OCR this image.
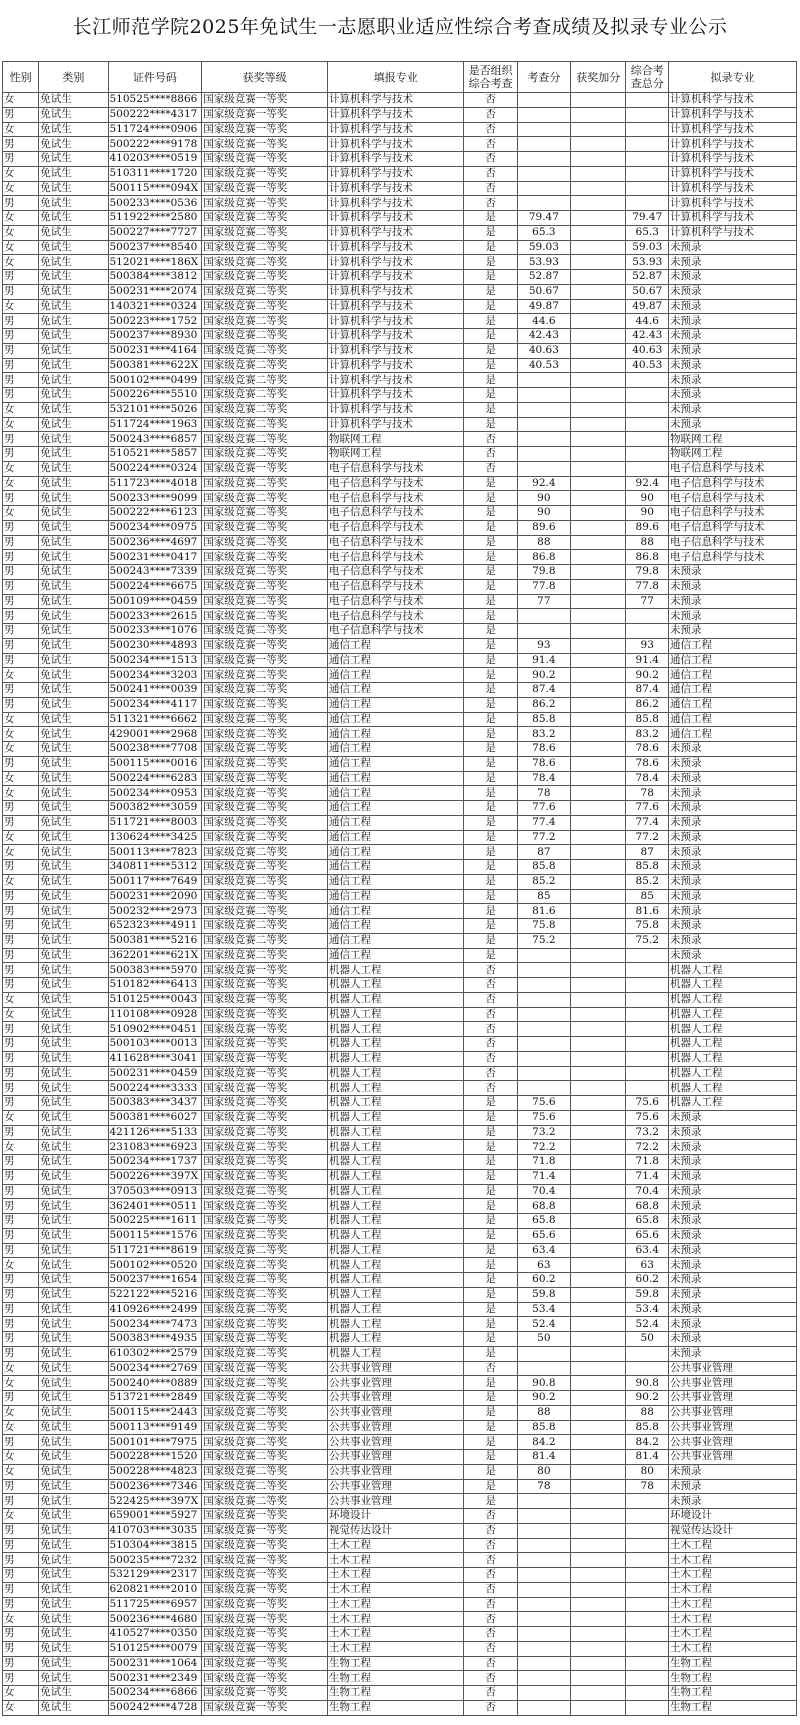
长江师范学院2025年免试生一志愿职业适应性综合考查成绩及拟录专业公示
性别	类别	证件号码	获奖等级	填报专业	是否组织综合考查	考查分	获奖加分	综合考查总分	拟录专业
女	免试生	510525****8866	国家级竞赛一等奖	计算机科学与技术	否				计算机科学与技术
男	免试生	500222****4317	国家级竞赛一等奖	计算机科学与技术	否				计算机科学与技术
女	免试生	511724****0906	国家级竞赛一等奖	计算机科学与技术	否				计算机科学与技术
男	免试生	500222****9178	国家级竞赛一等奖	计算机科学与技术	否				计算机科学与技术
男	免试生	410203****0519	国家级竞赛一等奖	计算机科学与技术	否				计算机科学与技术
女	免试生	510311****1720	国家级竞赛一等奖	计算机科学与技术	否				计算机科学与技术
女	免试生	500115****094X	国家级竞赛一等奖	计算机科学与技术	否				计算机科学与技术
男	免试生	500233****0536	国家级竞赛一等奖	计算机科学与技术	否				计算机科学与技术
女	免试生	511922****2580	国家级竞赛二等奖	计算机科学与技术	是	79.47		79.47	计算机科学与技术
女	免试生	500227****7727	国家级竞赛二等奖	计算机科学与技术	是	65.3		65.3	计算机科学与技术
女	免试生	500237****8540	国家级竞赛二等奖	计算机科学与技术	是	59.03		59.03	未预录
女	免试生	512021****186X	国家级竞赛二等奖	计算机科学与技术	是	53.93		53.93	未预录
男	免试生	500384****3812	国家级竞赛二等奖	计算机科学与技术	是	52.87		52.87	未预录
男	免试生	500231****2074	国家级竞赛二等奖	计算机科学与技术	是	50.67		50.67	未预录
女	免试生	140321****0324	国家级竞赛二等奖	计算机科学与技术	是	49.87		49.87	未预录
男	免试生	500223****1752	国家级竞赛二等奖	计算机科学与技术	是	44.6		44.6	未预录
男	免试生	500237****8930	国家级竞赛二等奖	计算机科学与技术	是	42.43		42.43	未预录
男	免试生	500231****4164	国家级竞赛二等奖	计算机科学与技术	是	40.63		40.63	未预录
男	免试生	500381****622X	国家级竞赛二等奖	计算机科学与技术	是	40.53		40.53	未预录
男	免试生	500102****0499	国家级竞赛二等奖	计算机科学与技术	是				未预录
男	免试生	500226****5510	国家级竞赛二等奖	计算机科学与技术	是				未预录
女	免试生	532101****5026	国家级竞赛二等奖	计算机科学与技术	是				未预录
女	免试生	511724****1963	国家级竞赛二等奖	计算机科学与技术	是				未预录
男	免试生	500243****6857	国家级竞赛二等奖	物联网工程	否				物联网工程
男	免试生	510521****5857	国家级竞赛二等奖	物联网工程	否				物联网工程
女	免试生	500224****0324	国家级竞赛一等奖	电子信息科学与技术	否				电子信息科学与技术
女	免试生	511723****4018	国家级竞赛二等奖	电子信息科学与技术	是	92.4		92.4	电子信息科学与技术
男	免试生	500233****9099	国家级竞赛二等奖	电子信息科学与技术	是	90		90	电子信息科学与技术
女	免试生	500222****6123	国家级竞赛二等奖	电子信息科学与技术	是	90		90	电子信息科学与技术
男	免试生	500234****0975	国家级竞赛二等奖	电子信息科学与技术	是	89.6		89.6	电子信息科学与技术
男	免试生	500236****4697	国家级竞赛二等奖	电子信息科学与技术	是	88		88	电子信息科学与技术
男	免试生	500231****0417	国家级竞赛二等奖	电子信息科学与技术	是	86.8		86.8	电子信息科学与技术
男	免试生	500243****7339	国家级竞赛二等奖	电子信息科学与技术	是	79.8		79.8	未预录
男	免试生	500224****6675	国家级竞赛二等奖	电子信息科学与技术	是	77.8		77.8	未预录
男	免试生	500109****0459	国家级竞赛二等奖	电子信息科学与技术	是	77		77	未预录
男	免试生	500233****2615	国家级竞赛二等奖	电子信息科学与技术	是				未预录
男	免试生	500233****1076	国家级竞赛二等奖	电子信息科学与技术	是				未预录
男	免试生	500230****4893	国家级竞赛一等奖	通信工程	是	93		93	通信工程
男	免试生	500234****1513	国家级竞赛一等奖	通信工程	是	91.4		91.4	通信工程
女	免试生	500234****3203	国家级竞赛二等奖	通信工程	是	90.2		90.2	通信工程
男	免试生	500241****0039	国家级竞赛二等奖	通信工程	是	87.4		87.4	通信工程
男	免试生	500234****4117	国家级竞赛二等奖	通信工程	是	86.2		86.2	通信工程
女	免试生	511321****6662	国家级竞赛二等奖	通信工程	是	85.8		85.8	通信工程
女	免试生	429001****2968	国家级竞赛二等奖	通信工程	是	83.2		83.2	通信工程
女	免试生	500238****7708	国家级竞赛二等奖	通信工程	是	78.6		78.6	未预录
男	免试生	500115****0016	国家级竞赛二等奖	通信工程	是	78.6		78.6	未预录
女	免试生	500224****6283	国家级竞赛二等奖	通信工程	是	78.4		78.4	未预录
女	免试生	500234****0953	国家级竞赛一等奖	通信工程	是	78		78	未预录
男	免试生	500382****3059	国家级竞赛二等奖	通信工程	是	77.6		77.6	未预录
男	免试生	511721****8003	国家级竞赛二等奖	通信工程	是	77.4		77.4	未预录
女	免试生	130624****3425	国家级竞赛二等奖	通信工程	是	77.2		77.2	未预录
女	免试生	500113****7823	国家级竞赛二等奖	通信工程	是	87		87	未预录
男	免试生	340811****5312	国家级竞赛二等奖	通信工程	是	85.8		85.8	未预录
女	免试生	500117****7649	国家级竞赛二等奖	通信工程	是	85.2		85.2	未预录
男	免试生	500231****2090	国家级竞赛二等奖	通信工程	是	85		85	未预录
男	免试生	500232****2973	国家级竞赛二等奖	通信工程	是	81.6		81.6	未预录
男	免试生	652323****4911	国家级竞赛二等奖	通信工程	是	75.8		75.8	未预录
男	免试生	500381****5216	国家级竞赛二等奖	通信工程	是	75.2		75.2	未预录
男	免试生	362201****621X	国家级竞赛二等奖	通信工程	是				未预录
男	免试生	500383****5970	国家级竞赛一等奖	机器人工程	否				机器人工程
男	免试生	510182****6413	国家级竞赛一等奖	机器人工程	否				机器人工程
女	免试生	510125****0043	国家级竞赛一等奖	机器人工程	否				机器人工程
女	免试生	110108****0928	国家级竞赛一等奖	机器人工程	否				机器人工程
男	免试生	510902****0451	国家级竞赛一等奖	机器人工程	否				机器人工程
男	免试生	500103****0013	国家级竞赛一等奖	机器人工程	否				机器人工程
男	免试生	411628****3041	国家级竞赛一等奖	机器人工程	否				机器人工程
男	免试生	500231****0459	国家级竞赛一等奖	机器人工程	否				机器人工程
男	免试生	500224****3333	国家级竞赛一等奖	机器人工程	否				机器人工程
男	免试生	500383****3437	国家级竞赛二等奖	机器人工程	是	75.6		75.6	机器人工程
女	免试生	500381****6027	国家级竞赛二等奖	机器人工程	是	75.6		75.6	未预录
男	免试生	421126****5133	国家级竞赛二等奖	机器人工程	是	73.2		73.2	未预录
女	免试生	231083****6923	国家级竞赛二等奖	机器人工程	是	72.2		72.2	未预录
男	免试生	500234****1737	国家级竞赛二等奖	机器人工程	是	71.8		71.8	未预录
男	免试生	500226****397X	国家级竞赛二等奖	机器人工程	是	71.4		71.4	未预录
男	免试生	370503****0913	国家级竞赛二等奖	机器人工程	是	70.4		70.4	未预录
男	免试生	362401****0511	国家级竞赛二等奖	机器人工程	是	68.8		68.8	未预录
男	免试生	500225****1611	国家级竞赛二等奖	机器人工程	是	65.8		65.8	未预录
男	免试生	500115****1576	国家级竞赛二等奖	机器人工程	是	65.6		65.6	未预录
男	免试生	511721****8619	国家级竞赛二等奖	机器人工程	是	63.4		63.4	未预录
女	免试生	500102****0520	国家级竞赛二等奖	机器人工程	是	63		63	未预录
男	免试生	500237****1654	国家级竞赛二等奖	机器人工程	是	60.2		60.2	未预录
男	免试生	522122****5216	国家级竞赛二等奖	机器人工程	是	59.8		59.8	未预录
男	免试生	410926****2499	国家级竞赛二等奖	机器人工程	是	53.4		53.4	未预录
男	免试生	500234****7473	国家级竞赛二等奖	机器人工程	是	52.4		52.4	未预录
男	免试生	500383****4935	国家级竞赛二等奖	机器人工程	是	50		50	未预录
男	免试生	610302****2579	国家级竞赛二等奖	机器人工程	是				未预录
女	免试生	500234****2769	国家级竞赛一等奖	公共事业管理	否				公共事业管理
女	免试生	500240****0889	国家级竞赛二等奖	公共事业管理	是	90.8		90.8	公共事业管理
男	免试生	513721****2849	国家级竞赛二等奖	公共事业管理	是	90.2		90.2	公共事业管理
女	免试生	500115****2443	国家级竞赛二等奖	公共事业管理	是	88		88	公共事业管理
女	免试生	500113****9149	国家级竞赛二等奖	公共事业管理	是	85.8		85.8	公共事业管理
男	免试生	500101****7975	国家级竞赛二等奖	公共事业管理	是	84.2		84.2	公共事业管理
女	免试生	500228****1520	国家级竞赛二等奖	公共事业管理	是	81.4		81.4	公共事业管理
女	免试生	500228****4823	国家级竞赛二等奖	公共事业管理	是	80		80	未预录
男	免试生	500236****7346	国家级竞赛二等奖	公共事业管理	是	78		78	未预录
男	免试生	522425****397X	国家级竞赛二等奖	公共事业管理	是				未预录
女	免试生	659001****5927	国家级竞赛一等奖	环境设计	否				环境设计
男	免试生	410703****3035	国家级竞赛一等奖	视觉传达设计	否				视觉传达设计
男	免试生	510304****3815	国家级竞赛一等奖	土木工程	否				土木工程
男	免试生	500235****7232	国家级竞赛一等奖	土木工程	否				土木工程
男	免试生	532129****2317	国家级竞赛一等奖	土木工程	否				土木工程
男	免试生	620821****2010	国家级竞赛一等奖	土木工程	否				土木工程
男	免试生	511725****6957	国家级竞赛一等奖	土木工程	否				土木工程
女	免试生	500236****4680	国家级竞赛一等奖	土木工程	否				土木工程
男	免试生	410527****0350	国家级竞赛一等奖	土木工程	否				土木工程
男	免试生	510125****0079	国家级竞赛一等奖	土木工程	否				土木工程
男	免试生	500231****1064	国家级竞赛一等奖	生物工程	否				生物工程
男	免试生	500231****2349	国家级竞赛一等奖	生物工程	否				生物工程
女	免试生	500234****6866	国家级竞赛一等奖	生物工程	否				生物工程
女	免试生	500242****4728	国家级竞赛一等奖	生物工程	否				生物工程
